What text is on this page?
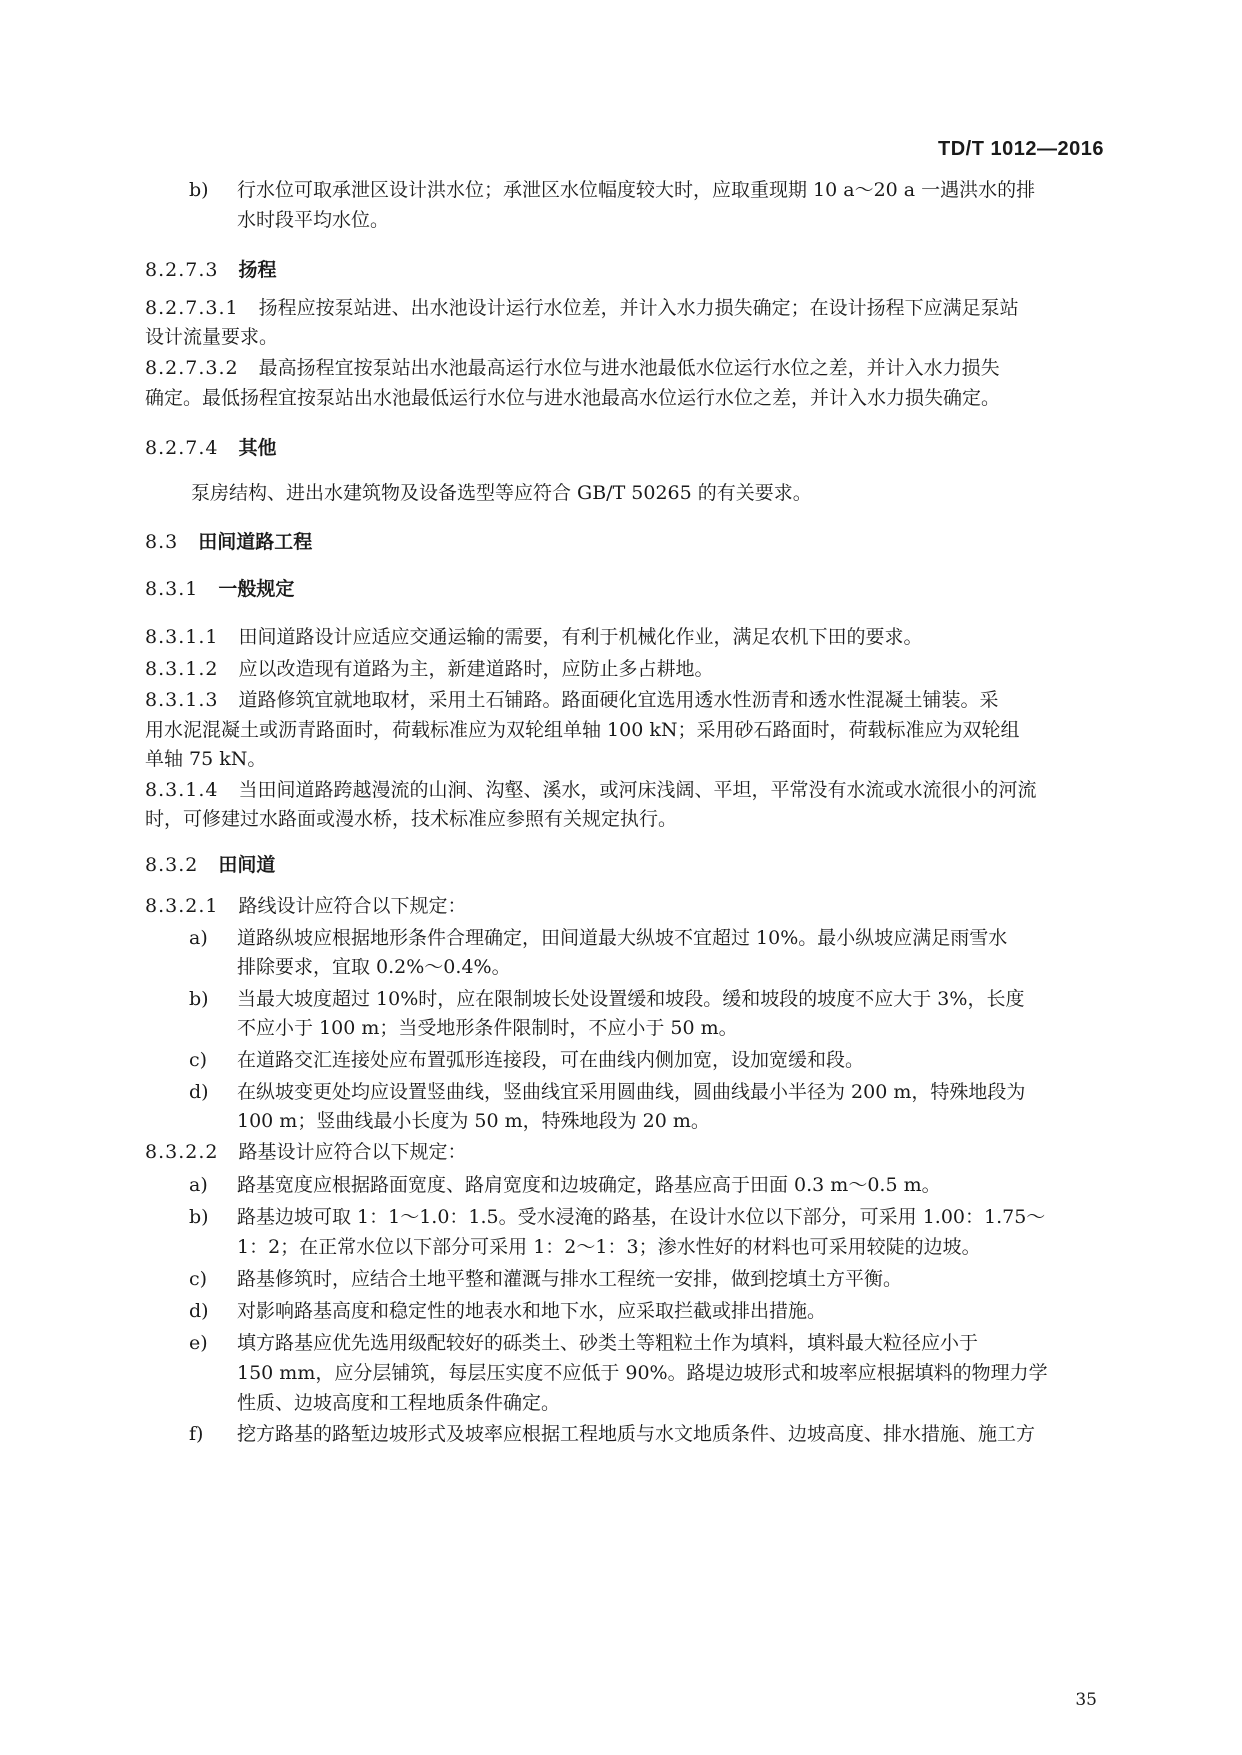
TD/T 1012—2016
b) 行水位可取承泄区设计洪水位；承泄区水位幅度较大时，应取重现期 10 a～20 a 一遇洪水的排
水时段平均水位。
8.2.7.3 扬程
8.2.7.3.1 扬程应按泵站进、出水池设计运行水位差，并计入水力损失确定；在设计扬程下应满足泵站
设计流量要求。
8.2.7.3.2 最高扬程宜按泵站出水池最高运行水位与进水池最低水位运行水位之差，并计入水力损失
确定。最低扬程宜按泵站出水池最低运行水位与进水池最高水位运行水位之差，并计入水力损失确定。
8.2.7.4 其他
泵房结构、进出水建筑物及设备选型等应符合 GB/T 50265 的有关要求。
8.3 田间道路工程
8.3.1 一般规定
8.3.1.1 田间道路设计应适应交通运输的需要，有利于机械化作业，满足农机下田的要求。
8.3.1.2 应以改造现有道路为主，新建道路时，应防止多占耕地。
8.3.1.3 道路修筑宜就地取材，采用土石铺路。路面硬化宜选用透水性沥青和透水性混凝土铺装。采
用水泥混凝土或沥青路面时，荷载标准应为双轮组单轴 100 kN；采用砂石路面时，荷载标准应为双轮组
单轴 75 kN。
8.3.1.4 当田间道路跨越漫流的山涧、沟壑、溪水，或河床浅阔、平坦，平常没有水流或水流很小的河流
时，可修建过水路面或漫水桥，技术标准应参照有关规定执行。
8.3.2 田间道
8.3.2.1 路线设计应符合以下规定：
a) 道路纵坡应根据地形条件合理确定，田间道最大纵坡不宜超过 10%。最小纵坡应满足雨雪水
排除要求，宜取 0.2%～0.4%。
b) 当最大坡度超过 10%时，应在限制坡长处设置缓和坡段。缓和坡段的坡度不应大于 3%，长度
不应小于 100 m；当受地形条件限制时，不应小于 50 m。
c) 在道路交汇连接处应布置弧形连接段，可在曲线内侧加宽，设加宽缓和段。
d) 在纵坡变更处均应设置竖曲线，竖曲线宜采用圆曲线，圆曲线最小半径为 200 m，特殊地段为
100 m；竖曲线最小长度为 50 m，特殊地段为 20 m。
8.3.2.2 路基设计应符合以下规定：
a) 路基宽度应根据路面宽度、路肩宽度和边坡确定，路基应高于田面 0.3 m～0.5 m。
b) 路基边坡可取 1：1～1.0：1.5。受水浸淹的路基，在设计水位以下部分，可采用 1.00：1.75～
1：2；在正常水位以下部分可采用 1：2～1：3；渗水性好的材料也可采用较陡的边坡。
c) 路基修筑时，应结合土地平整和灌溉与排水工程统一安排，做到挖填土方平衡。
d) 对影响路基高度和稳定性的地表水和地下水，应采取拦截或排出措施。
e) 填方路基应优先选用级配较好的砾类土、砂类土等粗粒土作为填料，填料最大粒径应小于
150 mm，应分层铺筑，每层压实度不应低于 90%。路堤边坡形式和坡率应根据填料的物理力学
性质、边坡高度和工程地质条件确定。
f) 挖方路基的路堑边坡形式及坡率应根据工程地质与水文地质条件、边坡高度、排水措施、施工方
35
